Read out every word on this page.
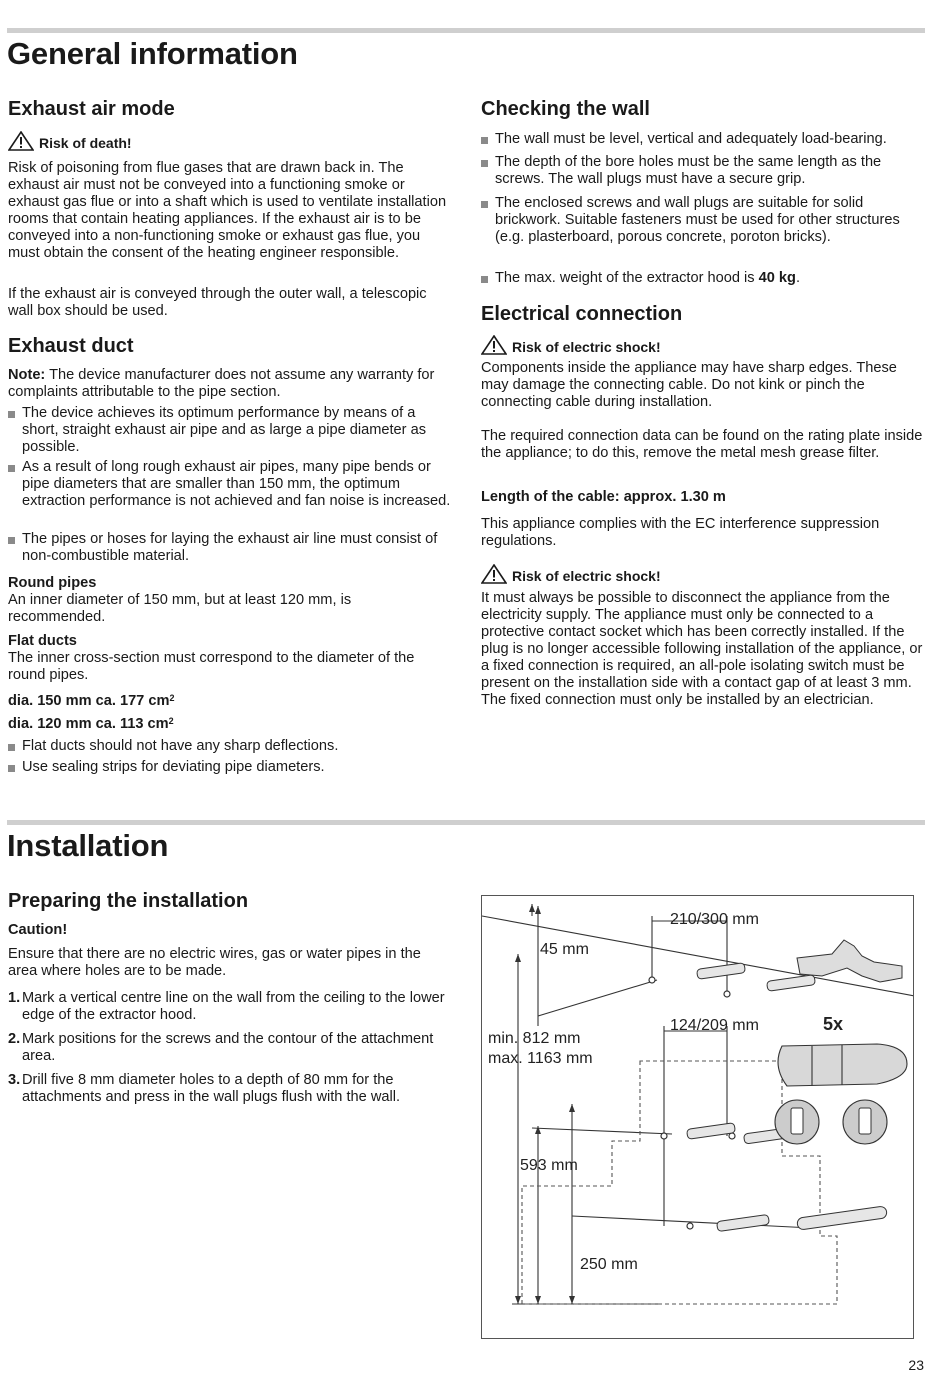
General information
Exhaust air mode
Risk of death!

Risk of poisoning from flue gases that are drawn back in. The exhaust air must not be conveyed into a functioning smoke or exhaust gas flue or into a shaft which is used to ventilate installation rooms that contain heating appliances. If the exhaust air is to be conveyed into a non-functioning smoke or exhaust gas flue, you must obtain the consent of the heating engineer responsible.

If the exhaust air is conveyed through the outer wall, a telescopic wall box should be used.

Exhaust duct

Note: The device manufacturer does not assume any warranty for complaints attributable to the pipe section.

The device achieves its optimum performance by means of a short, straight exhaust air pipe and as large a pipe diameter as possible.
As a result of long rough exhaust air pipes, many pipe bends or pipe diameters that are smaller than 150 mm, the optimum extraction performance is not achieved and fan noise is increased.
The pipes or hoses for laying the exhaust air line must consist of non-combustible material.
Round pipes

An inner diameter of 150 mm, but at least 120 mm, is recommended.

Flat ducts

The inner cross-section must correspond to the diameter of the round pipes.

dia. 150 mm ca. 177 $cm^2$
dia. 120 mm ca. 113 $cm^2$
Flat ducts should not have any sharp deflections.
Use sealing strips for deviating pipe diameters.
Checking the wall
The wall must be level, vertical and adequately load-bearing.
The depth of the bore holes must be the same length as the screws. The wall plugs must have a secure grip.
The enclosed screws and wall plugs are suitable for solid brickwork. Suitable fasteners must be used for other structures (e.g. plasterboard, porous concrete, poroton bricks).
The max. weight of the extractor hood is 40 kg.
Electrical connection
Risk of electric shock!

Components inside the appliance may have sharp edges. These may damage the connecting cable. Do not kink or pinch the connecting cable during installation.

The required connection data can be found on the rating plate inside the appliance; to do this, remove the metal mesh grease filter.

Length of the cable: approx. 1.30 m

This appliance complies with the EC interference suppression regulations.

Risk of electric shock!

It must always be possible to disconnect the appliance from the electricity supply. The appliance must only be connected to a protective contact socket which has been correctly installed. If the plug is no longer accessible following installation of the appliance, or a fixed connection is required, an all-pole isolating switch must be present on the installation side with a contact gap of at least 3 mm. The fixed connection must only be installed by an electrician.

Installation
Preparing the installation
Caution!

Ensure that there are no electric wires, gas or water pipes in the area where holes are to be made.

1. Mark a vertical centre line on the wall from the ceiling to the lower edge of the extractor hood.
2. Mark positions for the screws and the contour of the attachment area.
3. Drill five 8 mm diameter holes to a depth of 80 mm for the attachments and press in the wall plugs flush with the wall.
210/300 mm
45 mm
124/209 mm	5x
min. 812 mm
max. 1163 mm
593 mm
250 mm
23
